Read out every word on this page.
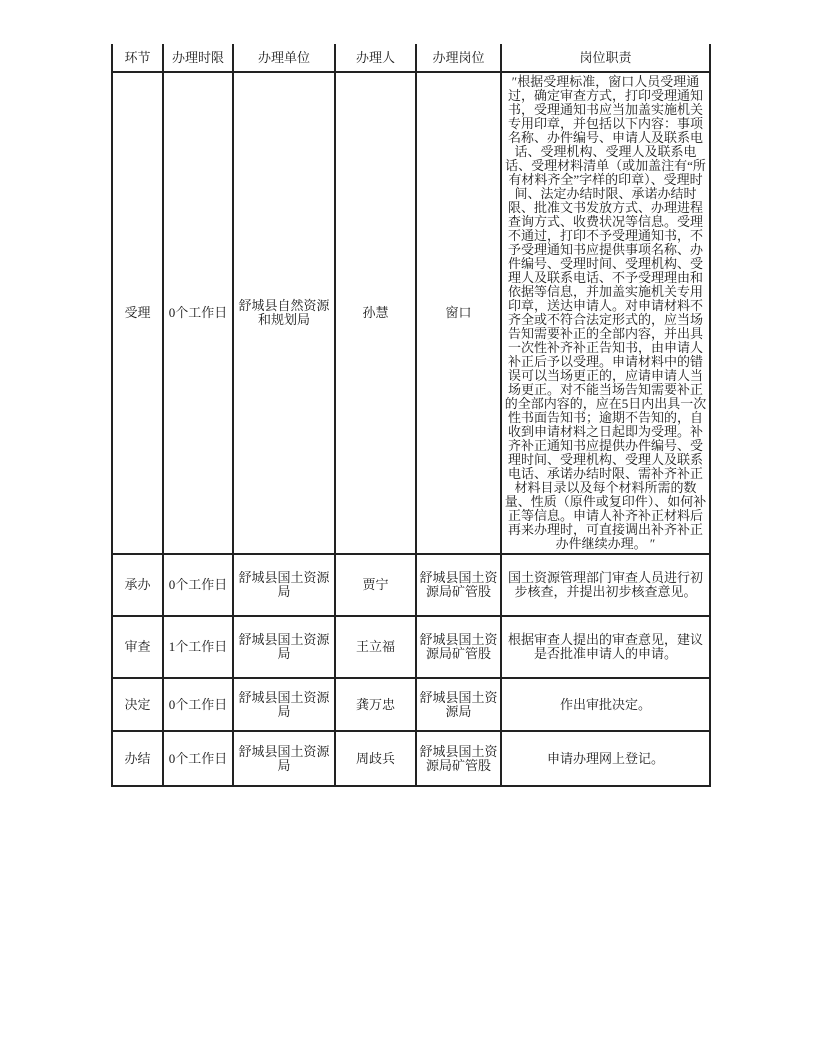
环节	办理时限	办理单位	办理人	办理岗位	岗位职责
受理	0个工作日	舒城县自然资源和规划局	孙慧	窗口	″根据受理标准，窗口人员受理通过，确定审查方式，打印受理通知书，受理通知书应当加盖实施机关专用印章，并包括以下内容：事项名称、办件编号、申请人及联系电话、受理机构、受理人及联系电话、受理材料清单（或加盖注有“所有材料齐全”字样的印章）、受理时间、法定办结时限、承诺办结时限、批准文书发放方式、办理进程查询方式、收费状况等信息。受理不通过，打印不予受理通知书，不予受理通知书应提供事项名称、办件编号、受理时间、受理机构、受理人及联系电话、不予受理理由和依据等信息，并加盖实施机关专用印章，送达申请人。对申请材料不齐全或不符合法定形式的，应当场告知需要补正的全部内容，并出具一次性补齐补正告知书，由申请人补正后予以受理。申请材料中的错误可以当场更正的，应请申请人当场更正。对不能当场告知需要补正的全部内容的，应在5日内出具一次性书面告知书；逾期不告知的，自收到申请材料之日起即为受理。补齐补正通知书应提供办件编号、受理时间、受理机构、受理人及联系电话、承诺办结时限、需补齐补正材料目录以及每个材料所需的数量、性质（原件或复印件）、如何补正等信息。申请人补齐补正材料后再来办理时，可直接调出补齐补正办件继续办理。 ″
承办	0个工作日	舒城县国土资源局	贾宁	舒城县国土资源局矿管股	国土资源管理部门审查人员进行初步核查，并提出初步核查意见。
审查	1个工作日	舒城县国土资源局	王立福	舒城县国土资源局矿管股	根据审查人提出的审查意见，建议是否批准申请人的申请。
决定	0个工作日	舒城县国土资源局	龚万忠	舒城县国土资源局	作出审批决定。
办结	0个工作日	舒城县国土资源局	周歧兵	舒城县国土资源局矿管股	申请办理网上登记。
